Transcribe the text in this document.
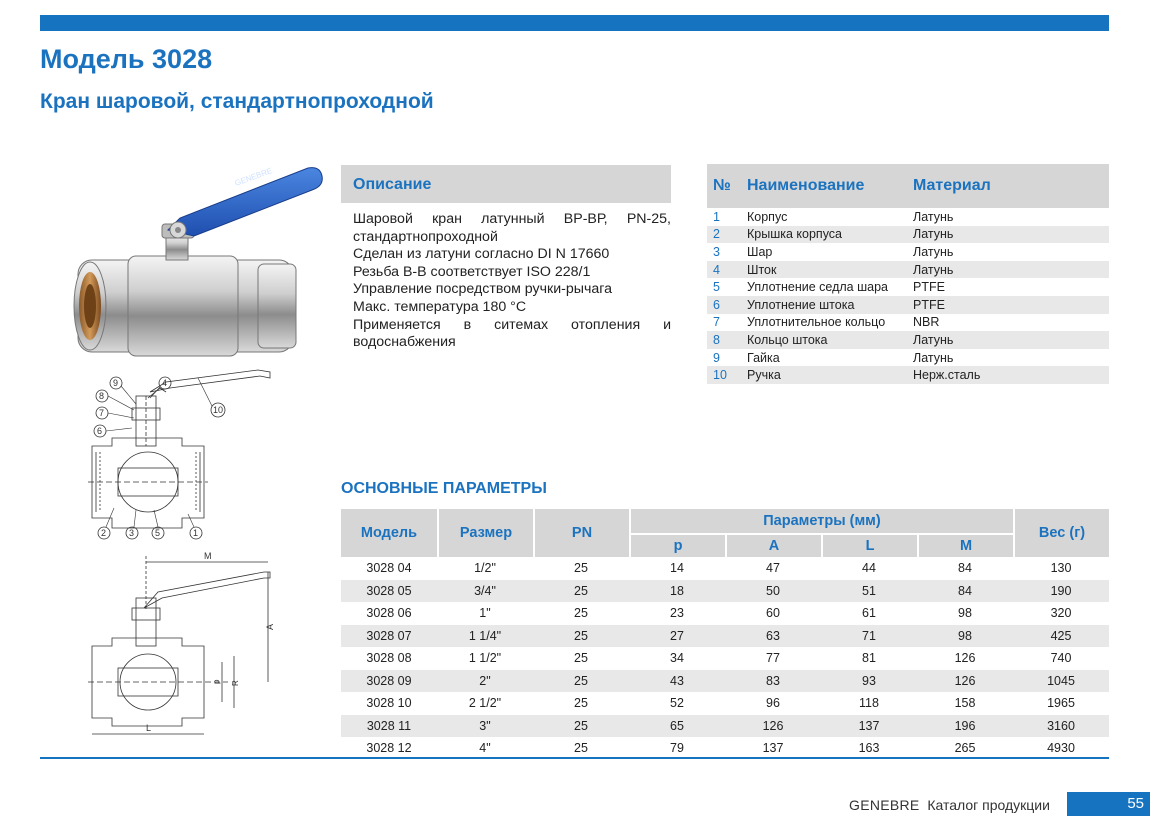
Модель 3028
Кран шаровой, стандартнопроходной
GENEBRE
9	4
8
7
6
10
2	3 5	1
M
A
R
p
L
Описание
Шаровой кран латунный ВР-ВР, PN-25, стандартнопроходной
Сделан из латуни согласно DI N 17660
Резьба В-В соответствует ISO 228/1
Управление посредством ручки-рычага
Макс. температура 180 °C
Применяется в ситемах отопления и водоснабжения
№	Наименование	Материал
1	Корпус	Латунь
2	Крышка корпуса	Латунь
3	Шар	Латунь
4	Шток	Латунь
5	Уплотнение седла шара	PTFE
6	Уплотнение штока	PTFE
7	Уплотнительное кольцо	NBR
8	Кольцо штока	Латунь
9	Гайка	Латунь
10	Ручка	Нерж.сталь
ОСНОВНЫЕ ПАРАМЕТРЫ
Модель	Размер	PN	Параметры (мм)				Вес (г)
			p	A	L	M	
3028 04	1/2"	25	14	47	44	84	130
3028 05	3/4"	25	18	50	51	84	190
3028 06	1"	25	23	60	61	98	320
3028 07	1 1/4"	25	27	63	71	98	425
3028 08	1 1/2"	25	34	77	81	126	740
3028 09	2"	25	43	83	93	126	1045
3028 10	2 1/2"	25	52	96	118	158	1965
3028 11	3"	25	65	126	137	196	3160
3028 12	4"	25	79	137	163	265	4930
GENEBRE Каталог продукции	55
